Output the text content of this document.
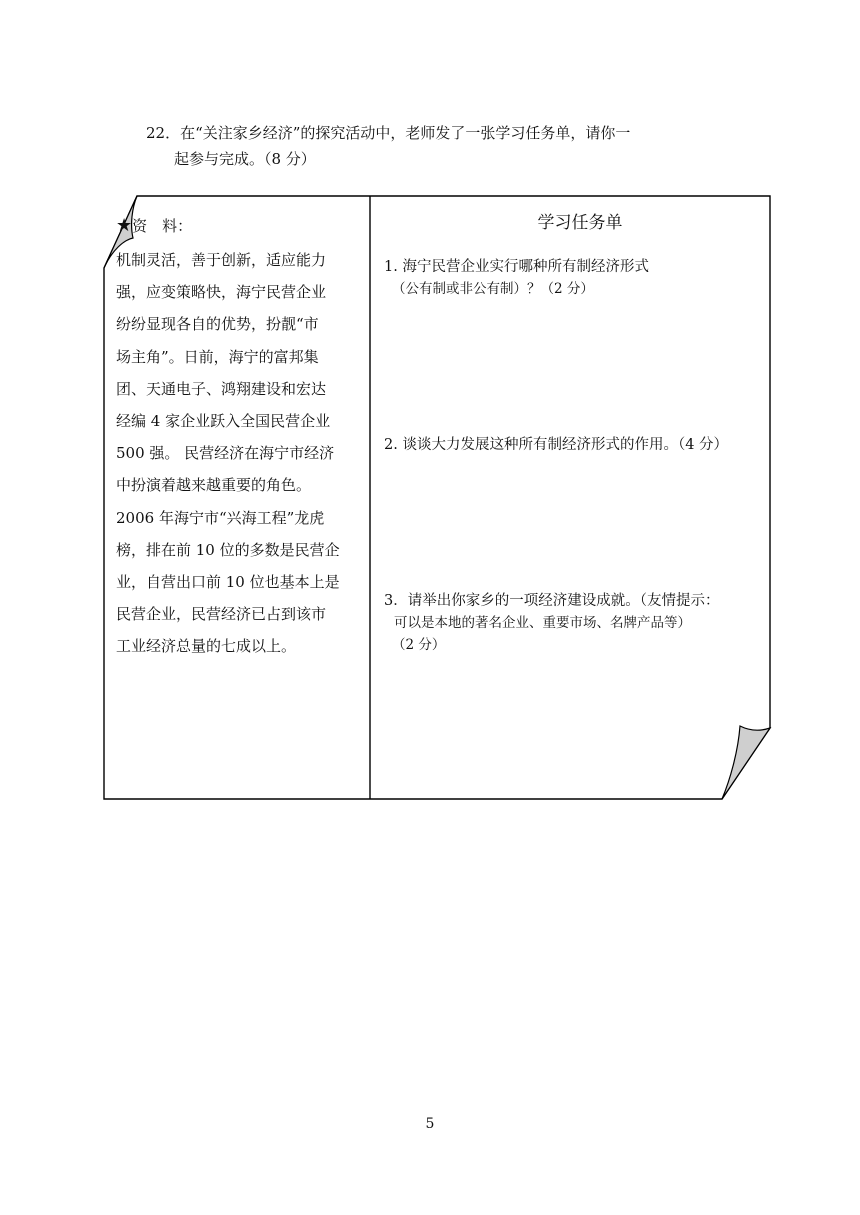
22．在“关注家乡经济”的探究活动中，老师发了一张学习任务单，请你一
起参与完成。（8 分）
★资　料：
机制灵活，善于创新，适应能力
强，应变策略快，海宁民营企业
纷纷显现各自的优势，扮靓“市
场主角”。日前，海宁的富邦集
团、天通电子、鸿翔建设和宏达
经编 4 家企业跃入全国民营企业
500 强。 民营经济在海宁市经济
中扮演着越来越重要的角色。
2006 年海宁市“兴海工程”龙虎
榜，排在前 10 位的多数是民营企
业，自营出口前 10 位也基本上是
民营企业，民营经济已占到该市
工业经济总量的七成以上。
学习任务单
1. 海宁民营企业实行哪种所有制经济形式
（公有制或非公有制）？（2 分）
2. 谈谈大力发展这种所有制经济形式的作用。（4 分）
3．请举出你家乡的一项经济建设成就。（友情提示：
可以是本地的著名企业、重要市场、名牌产品等）
（2 分）
5
